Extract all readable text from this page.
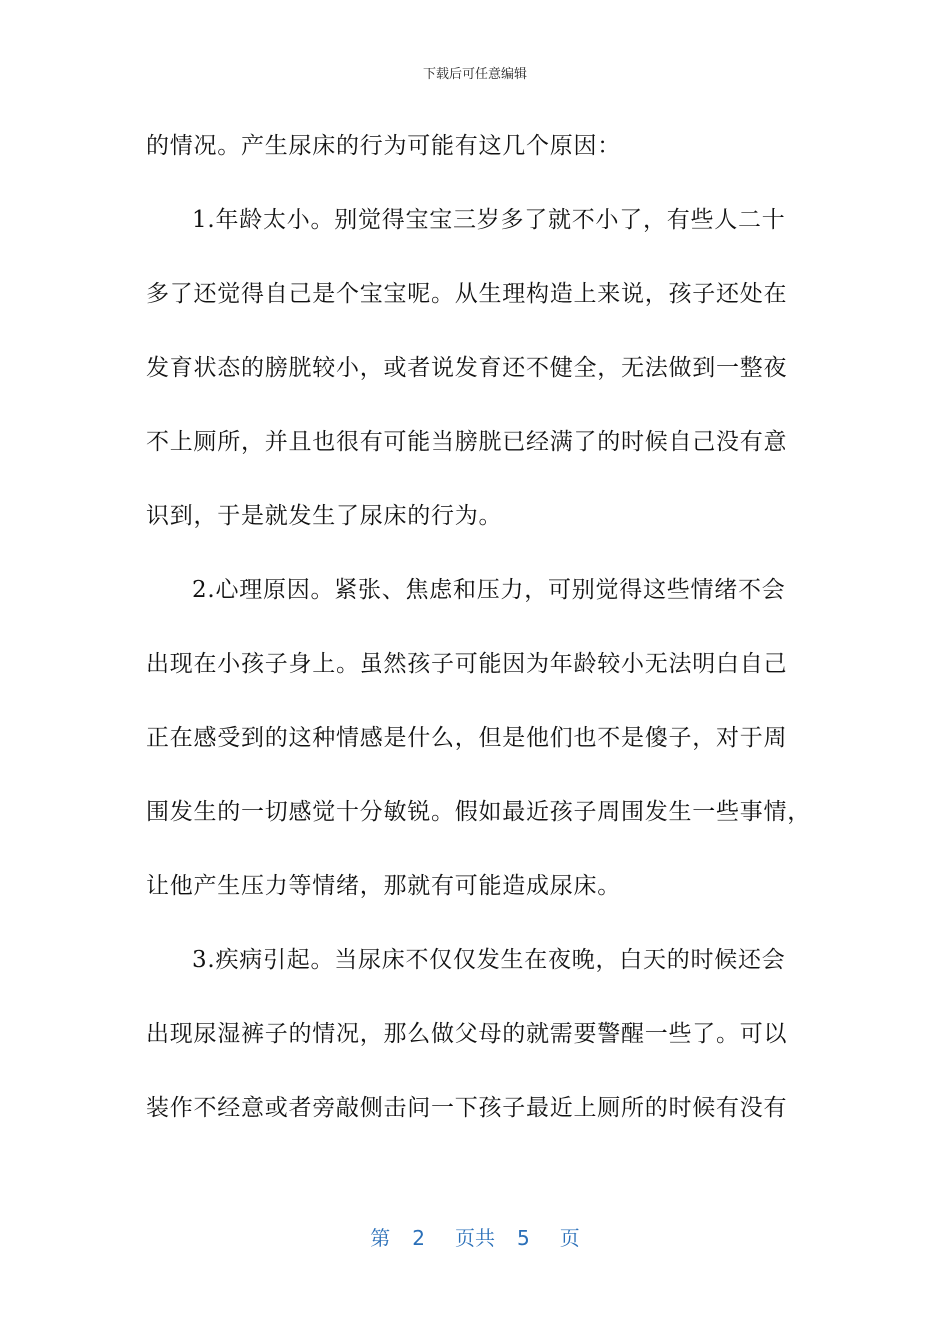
下载后可任意编辑
的情况。产生尿床的行为可能有这几个原因：
1.年龄太小。别觉得宝宝三岁多了就不小了，有些人二十
多了还觉得自己是个宝宝呢。从生理构造上来说，孩子还处在
发育状态的膀胱较小，或者说发育还不健全，无法做到一整夜
不上厕所，并且也很有可能当膀胱已经满了的时候自己没有意
识到，于是就发生了尿床的行为。
2.心理原因。紧张、焦虑和压力，可别觉得这些情绪不会
出现在小孩子身上。虽然孩子可能因为年龄较小无法明白自己
正在感受到的这种情感是什么，但是他们也不是傻子，对于周
围发生的一切感觉十分敏锐。假如最近孩子周围发生一些事情，
让他产生压力等情绪，那就有可能造成尿床。
3.疾病引起。当尿床不仅仅发生在夜晚，白天的时候还会
出现尿湿裤子的情况，那么做父母的就需要警醒一些了。可以
装作不经意或者旁敲侧击问一下孩子最近上厕所的时候有没有
第 2 页共 5 页
